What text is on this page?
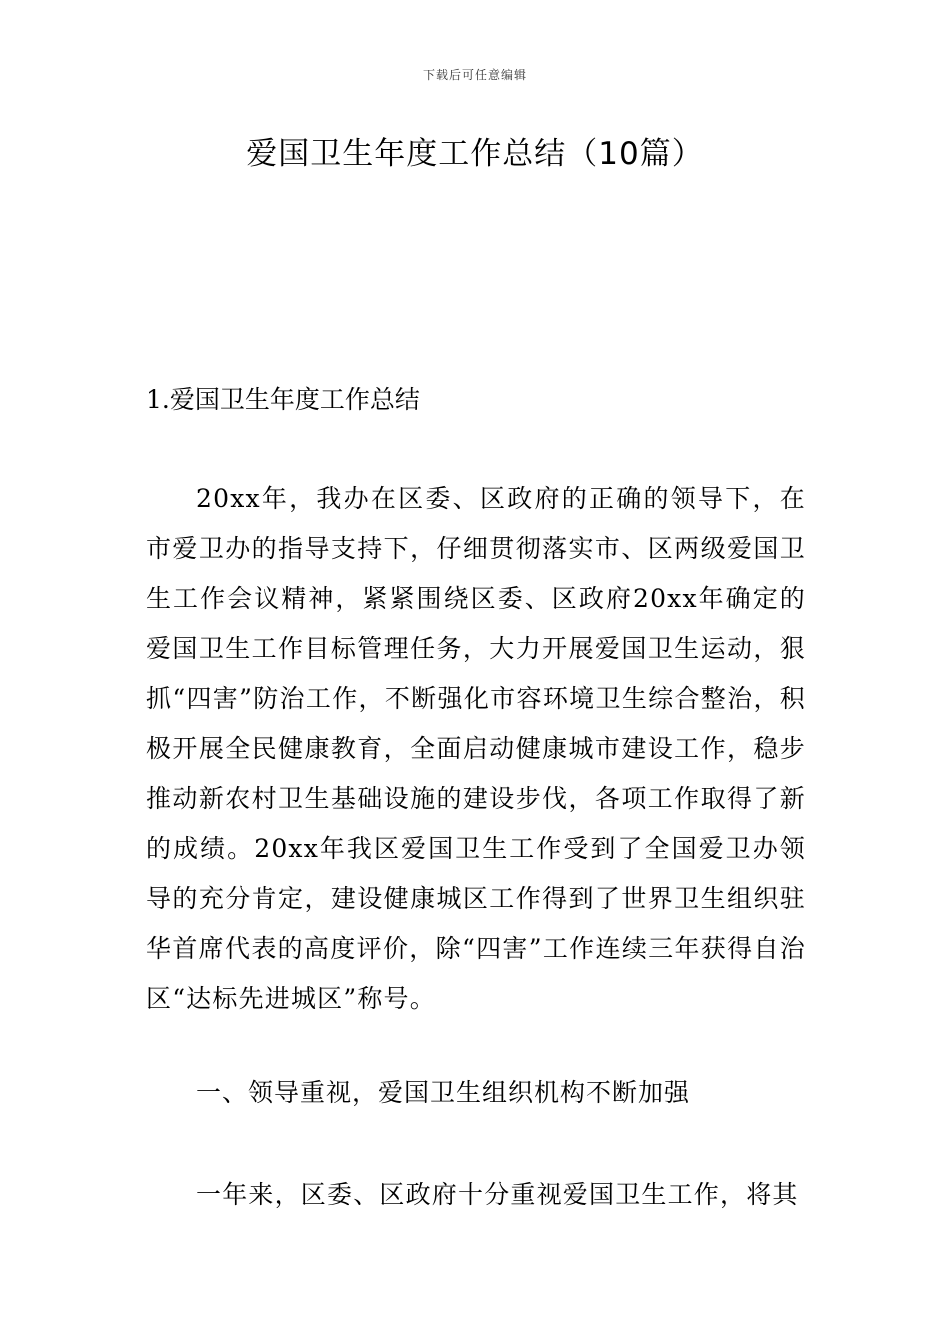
下载后可任意编辑
爱国卫生年度工作总结（10篇）
1.爱国卫生年度工作总结

20xx年，我办在区委、区政府的正确的领导下，在市爱卫办的指导支持下，仔细贯彻落实市、区两级爱国卫生工作会议精神，紧紧围绕区委、区政府20xx年确定的爱国卫生工作目标管理任务，大力开展爱国卫生运动，狠抓“四害”防治工作，不断强化市容环境卫生综合整治，积极开展全民健康教育，全面启动健康城市建设工作，稳步推动新农村卫生基础设施的建设步伐，各项工作取得了新的成绩。20xx年我区爱国卫生工作受到了全国爱卫办领导的充分肯定，建设健康城区工作得到了世界卫生组织驻华首席代表的高度评价，除“四害”工作连续三年获得自治区“达标先进城区”称号。

一、领导重视，爱国卫生组织机构不断加强

一年来，区委、区政府十分重视爱国卫生工作，将其
